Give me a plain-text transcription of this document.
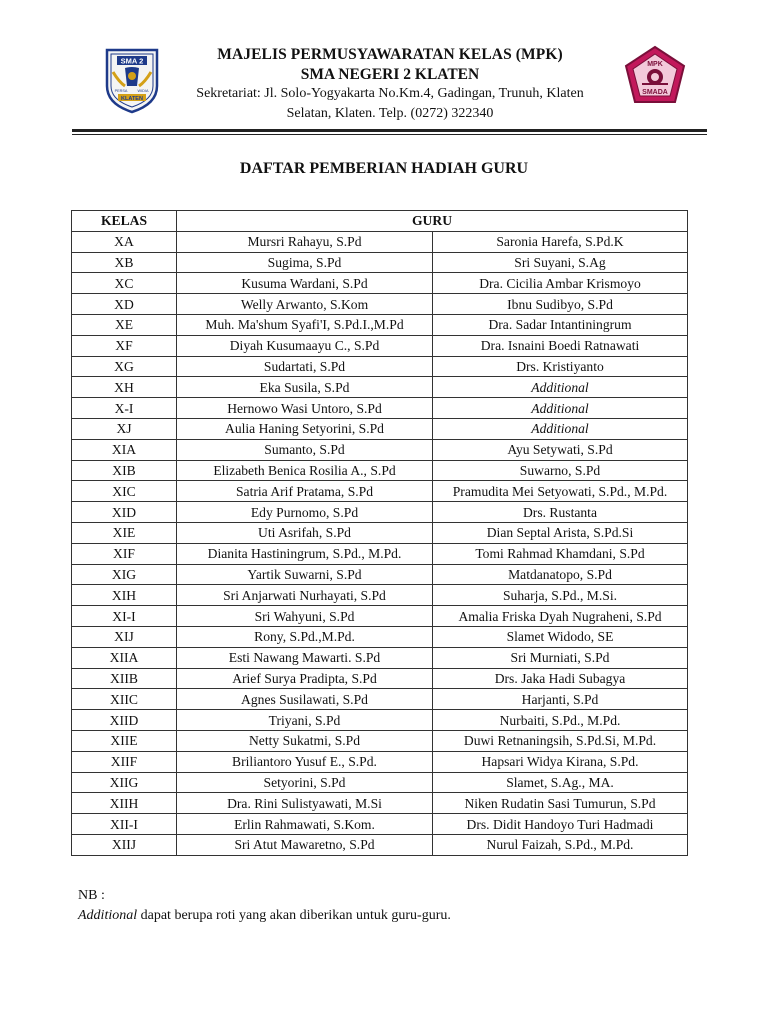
SMA 2
PERSA	WIDIA
KLATEN
MAJELIS PERMUSYAWARATAN KELAS (MPK)
SMA NEGERI 2 KLATEN
Sekretariat: Jl. Solo-Yogyakarta No.Km.4, Gadingan, Trunuh, Klaten
Selatan, Klaten. Telp. (0272) 322340
MPK
SMADA
DAFTAR PEMBERIAN HADIAH GURU
KELAS	GURU	
XA	Mursri Rahayu, S.Pd	Saronia Harefa, S.Pd.K
XB	Sugima, S.Pd	Sri Suyani, S.Ag
XC	Kusuma Wardani, S.Pd	Dra. Cicilia Ambar Krismoyo
XD	Welly Arwanto, S.Kom	Ibnu Sudibyo, S.Pd
XE	Muh. Ma'shum Syafi'I, S.Pd.I.,M.Pd	Dra. Sadar Intantiningrum
XF	Diyah Kusumaayu C., S.Pd	Dra. Isnaini Boedi Ratnawati
XG	Sudartati, S.Pd	Drs. Kristiyanto
XH	Eka Susila, S.Pd	Additional
X-I	Hernowo Wasi Untoro, S.Pd	Additional
XJ	Aulia Haning Setyorini, S.Pd	Additional
XIA	Sumanto, S.Pd	Ayu Setywati, S.Pd
XIB	Elizabeth Benica Rosilia A., S.Pd	Suwarno, S.Pd
XIC	Satria Arif Pratama, S.Pd	Pramudita Mei Setyowati, S.Pd., M.Pd.
XID	Edy Purnomo, S.Pd	Drs. Rustanta
XIE	Uti Asrifah, S.Pd	Dian Septal Arista, S.Pd.Si
XIF	Dianita Hastiningrum, S.Pd., M.Pd.	Tomi Rahmad Khamdani, S.Pd
XIG	Yartik Suwarni, S.Pd	Matdanatopo, S.Pd
XIH	Sri Anjarwati Nurhayati, S.Pd	Suharja, S.Pd., M.Si.
XI-I	Sri Wahyuni, S.Pd	Amalia Friska Dyah Nugraheni, S.Pd
XIJ	Rony, S.Pd.,M.Pd.	Slamet Widodo, SE
XIIA	Esti Nawang Mawarti. S.Pd	Sri Murniati, S.Pd
XIIB	Arief Surya Pradipta, S.Pd	Drs. Jaka Hadi Subagya
XIIC	Agnes Susilawati, S.Pd	Harjanti, S.Pd
XIID	Triyani, S.Pd	Nurbaiti, S.Pd., M.Pd.
XIIE	Netty Sukatmi, S.Pd	Duwi Retnaningsih, S.Pd.Si, M.Pd.
XIIF	Briliantoro Yusuf E., S.Pd.	Hapsari Widya Kirana, S.Pd.
XIIG	Setyorini, S.Pd	Slamet, S.Ag., MA.
XIIH	Dra. Rini Sulistyawati, M.Si	Niken Rudatin Sasi Tumurun, S.Pd
XII-I	Erlin Rahmawati, S.Kom.	Drs. Didit Handoyo Turi Hadmadi
XIIJ	Sri Atut Mawaretno, S.Pd	Nurul Faizah, S.Pd., M.Pd.
NB :
Additional dapat berupa roti yang akan diberikan untuk guru-guru.
